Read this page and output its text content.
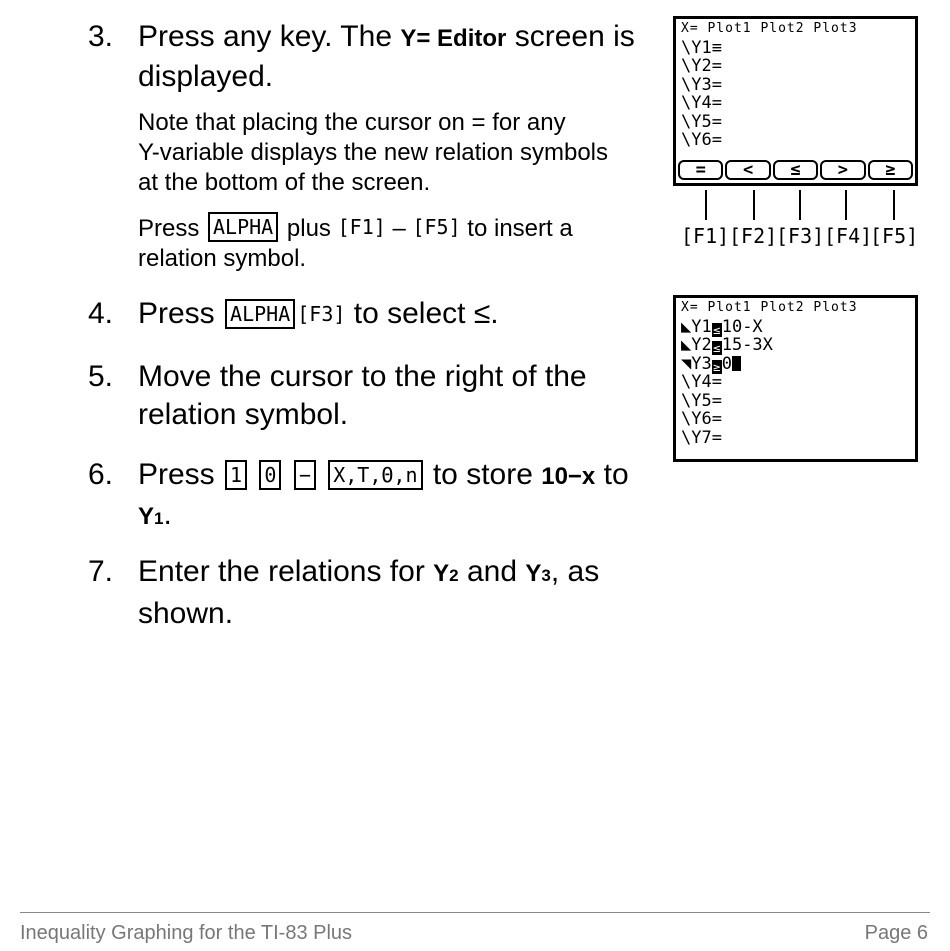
3. Press any key. The Y= Editor screen is
displayed.
Note that placing the cursor on = for any
Y-variable displays the new relation symbols
at the bottom of the screen.
Press ALPHA plus [F1] – [F5] to insert a
relation symbol.
4. Press ALPHA [F3] to select ≤.
5. Move the cursor to the right of the
relation symbol.
6. Press 1 0 − X,T,Θ,n to store 10−x to
Y1.
7. Enter the relations for Y2 and Y3, as
shown.
X= Plot1 Plot2 Plot3
\Y1≡
\Y2=
\Y3=
\Y4=
\Y5=
\Y6=
=	<	≤	>	≥
[F1] [F2]
[F3] [F4]
[F5]
X= Plot1 Plot2 Plot3
◣Y1≤10-X
◣Y2≤15-3X
◥Y3≥0
\Y4=
\Y5=
\Y6=
\Y7=
Inequality Graphing for the TI-83 Plus	Page 6
